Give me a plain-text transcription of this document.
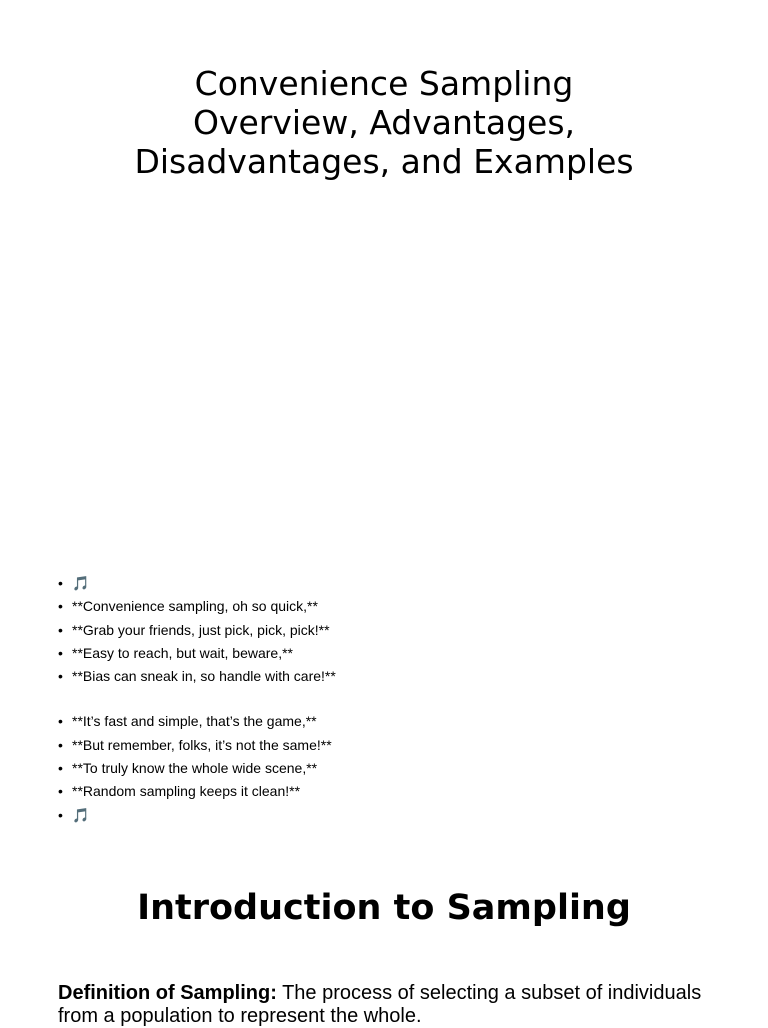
Convenience Sampling
Overview, Advantages,
Disadvantages, and Examples
• 🎵
• **Convenience sampling, oh so quick,**
• **Grab your friends, just pick, pick, pick!**
• **Easy to reach, but wait, beware,**
• **Bias can sneak in, so handle with care!**
• **It’s fast and simple, that’s the game,**
• **But remember, folks, it’s not the same!**
• **To truly know the whole wide scene,**
• **Random sampling keeps it clean!**
• 🎵
Introduction to Sampling

Definition of Sampling: The process of selecting a subset of individuals from a population to represent the whole.
